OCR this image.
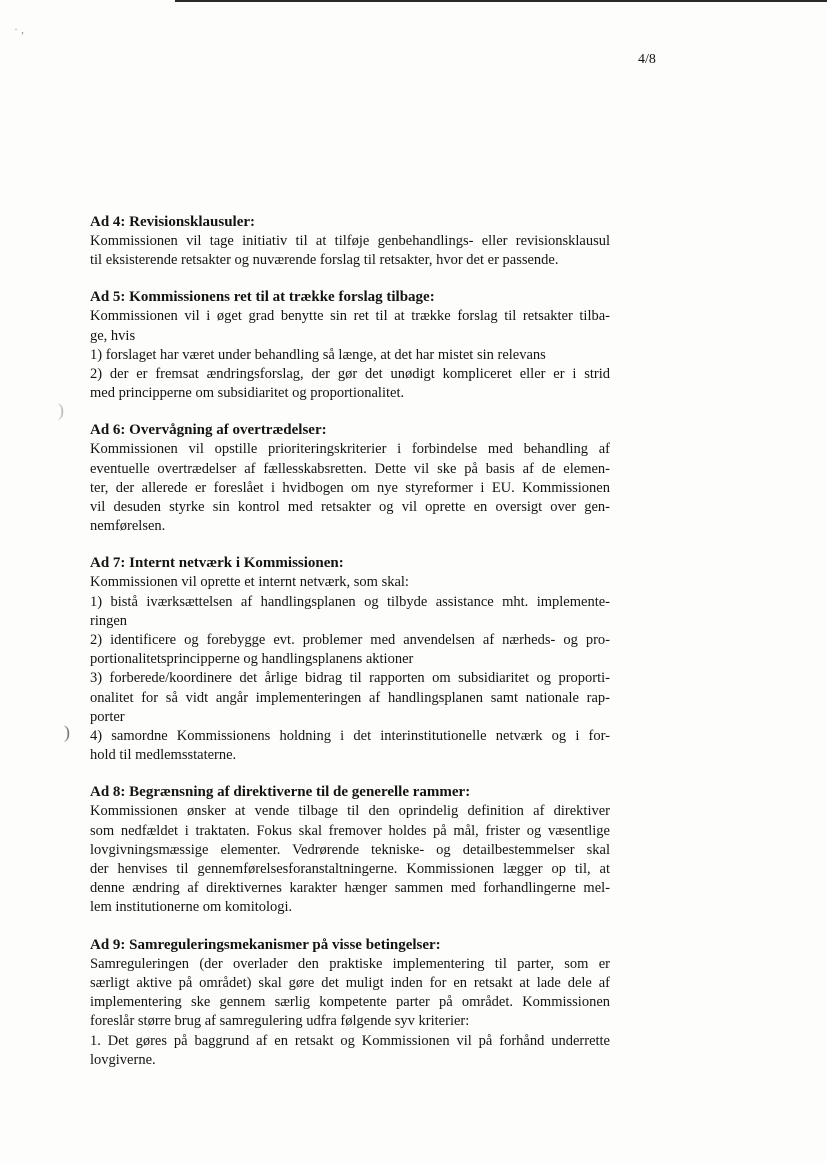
4/8

Ad 4: Revisionsklausuler:

Kommissionen vil tage initiativ til at tilføje genbehandlings- eller revisionsklausul

til eksisterende retsakter og nuværende forslag til retsakter, hvor det er passende.

Ad 5: Kommissionens ret til at trække forslag tilbage:

Kommissionen vil i øget grad benytte sin ret til at trække forslag til retsakter tilba-

ge, hvis

1) forslaget har været under behandling så længe, at det har mistet sin relevans

2) der er fremsat ændringsforslag, der gør det unødigt kompliceret eller er i strid

med principperne om subsidiaritet og proportionalitet.

Ad 6: Overvågning af overtrædelser:

Kommissionen vil opstille prioriteringskriterier i forbindelse med behandling af

eventuelle overtrædelser af fællesskabsretten. Dette vil ske på basis af de elemen-

ter, der allerede er foreslået i hvidbogen om nye styreformer i EU. Kommissionen

vil desuden styrke sin kontrol med retsakter og vil oprette en oversigt over gen-

nemførelsen.

Ad 7: Internt netværk i Kommissionen:

Kommissionen vil oprette et internt netværk, som skal:

1) bistå iværksættelsen af handlingsplanen og tilbyde assistance mht. implemente-

ringen

2) identificere og forebygge evt. problemer med anvendelsen af nærheds- og pro-

portionalitetsprincipperne og handlingsplanens aktioner

3) forberede/koordinere det årlige bidrag til rapporten om subsidiaritet og proporti-

onalitet for så vidt angår implementeringen af handlingsplanen samt nationale rap-

porter

4) samordne Kommissionens holdning i det interinstitutionelle netværk og i for-

hold til medlemsstaterne.

Ad 8: Begrænsning af direktiverne til de generelle rammer:

Kommissionen ønsker at vende tilbage til den oprindelig definition af direktiver

som nedfældet i traktaten. Fokus skal fremover holdes på mål, frister og væsentlige

lovgivningsmæssige elementer. Vedrørende tekniske- og detailbestemmelser skal

der henvises til gennemførelsesforanstaltningerne. Kommissionen lægger op til, at

denne ændring af direktivernes karakter hænger sammen med forhandlingerne mel-

lem institutionerne om komitologi.

Ad 9: Samreguleringsmekanismer på visse betingelser:

Samreguleringen (der overlader den praktiske implementering til parter, som er

særligt aktive på området) skal gøre det muligt inden for en retsakt at lade dele af

implementering ske gennem særlig kompetente parter på området. Kommissionen

foreslår større brug af samregulering udfra følgende syv kriterier:

1. Det gøres på baggrund af en retsakt og Kommissionen vil på forhånd underrette

lovgiverne.

· ,
)
)
